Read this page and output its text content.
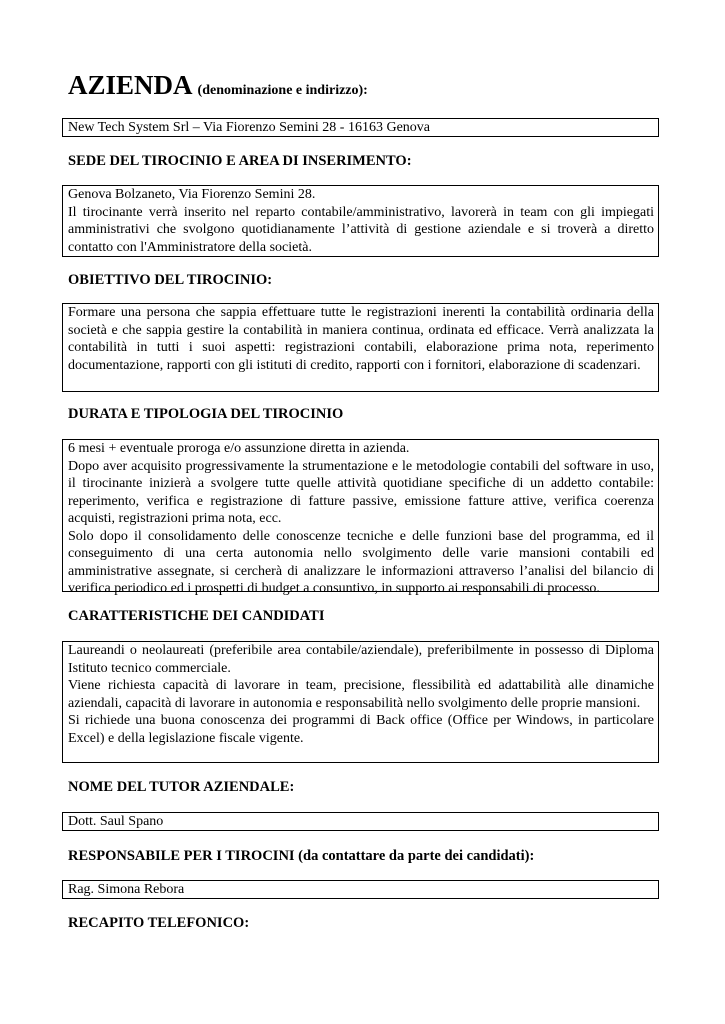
AZIENDA (denominazione e indirizzo):

New Tech System Srl – Via Fiorenzo Semini 28 - 16163 Genova

SEDE DEL TIROCINIO E AREA DI INSERIMENTO:

Genova Bolzaneto, Via Fiorenzo Semini 28.

Il tirocinante verrà inserito nel reparto contabile/amministrativo, lavorerà in team con gli impiegati amministrativi che svolgono quotidianamente l’attività di gestione aziendale e si troverà a diretto contatto con l'Amministratore della società.

OBIETTIVO DEL TIROCINIO:

Formare una persona che sappia effettuare tutte le registrazioni inerenti la contabilità ordinaria della società e che sappia gestire la contabilità in maniera continua, ordinata ed efficace. Verrà analizzata la contabilità in tutti i suoi aspetti: registrazioni contabili, elaborazione prima nota, reperimento documentazione, rapporti con gli istituti di credito, rapporti con i fornitori, elaborazione di scadenzari.

DURATA E TIPOLOGIA DEL TIROCINIO

6 mesi + eventuale proroga e/o assunzione diretta in azienda.

Dopo aver acquisito progressivamente la strumentazione e le metodologie contabili del software in uso, il tirocinante inizierà a svolgere tutte quelle attività quotidiane specifiche di un addetto contabile: reperimento, verifica e registrazione di fatture passive, emissione fatture attive, verifica coerenza acquisti, registrazioni prima nota, ecc.

Solo dopo il consolidamento delle conoscenze tecniche e delle funzioni base del programma, ed il conseguimento di una certa autonomia nello svolgimento delle varie mansioni contabili ed amministrative assegnate, si cercherà di analizzare le informazioni attraverso l’analisi del bilancio di verifica periodico ed i prospetti di budget a consuntivo, in supporto ai responsabili di processo.

CARATTERISTICHE DEI CANDIDATI

Laureandi o neolaureati (preferibile area contabile/aziendale), preferibilmente in possesso di Diploma Istituto tecnico commerciale.

Viene richiesta capacità di lavorare in team, precisione, flessibilità ed adattabilità alle dinamiche aziendali, capacità di lavorare in autonomia e responsabilità nello svolgimento delle proprie mansioni.

Si richiede una buona conoscenza dei programmi di Back office (Office per Windows, in particolare Excel) e della legislazione fiscale vigente.

NOME DEL TUTOR AZIENDALE:

Dott. Saul Spano

RESPONSABILE PER I TIROCINI (da contattare da parte dei candidati):

Rag. Simona Rebora

RECAPITO TELEFONICO:
